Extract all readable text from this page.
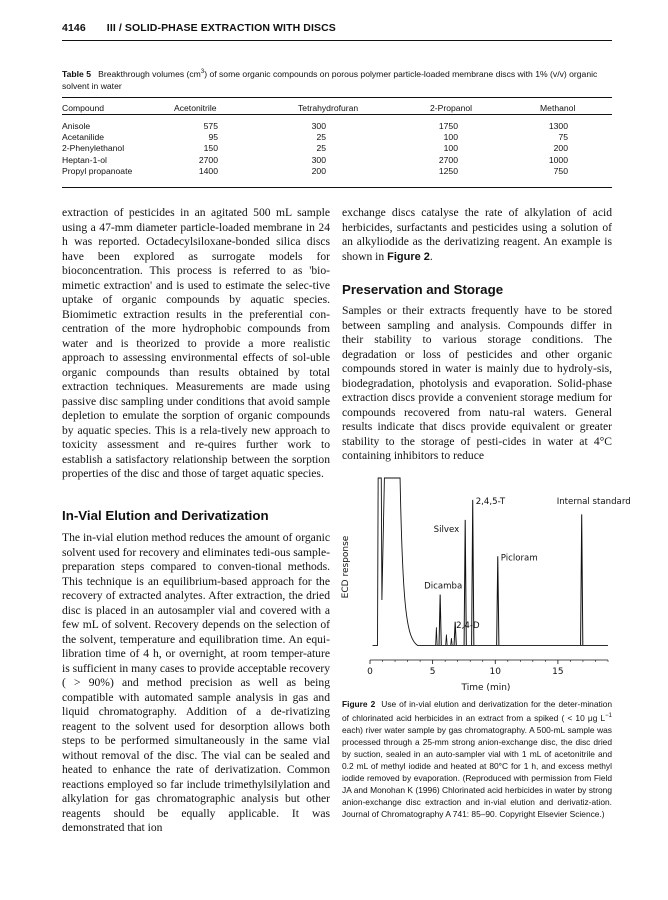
4146 III / SOLID-PHASE EXTRACTION WITH DISCS
Table 5 Breakthrough volumes $(cm^3)$ of some organic compounds on porous polymer particle-loaded membrane discs with 1% (v/v) organic solvent in water
Compound	Acetonitrile	Tetrahydrofuran	2-Propanol	Methanol

Anisole	575	300	1750	1300
Acetanilide	95	25	100	75
2-Phenylethanol	150	25	100	200
Heptan-1-ol	2700	300	2700	1000
Propyl propanoate	1400	200	1250	750

extraction of pesticides in an agitated 500 mL sample using a 47-mm diameter particle-loaded membrane in 24 h was reported. Octadecylsiloxane-bonded silica discs have been explored as surrogate models for bioconcentration. This process is referred to as 'bio-mimetic extraction' and is used to estimate the selec-tive uptake of organic compounds by aquatic species. Biomimetic extraction results in the preferential con-centration of the more hydrophobic compounds from water and is theorized to provide a more realistic approach to assessing environmental effects of sol-uble organic compounds than results obtained by total extraction techniques. Measurements are made using passive disc sampling under conditions that avoid sample depletion to emulate the sorption of organic compounds by aquatic species. This is a rela-tively new approach to toxicity assessment and re-quires further work to establish a satisfactory relationship between the sorption properties of the disc and those of target aquatic species.

In-Vial Elution and Derivatization

The in-vial elution method reduces the amount of organic solvent used for recovery and eliminates tedi-ous sample-preparation steps compared to conven-tional methods. This technique is an equilibrium-based approach for the recovery of extracted analytes. After extraction, the dried disc is placed in an autosampler vial and covered with a few mL of solvent. Recovery depends on the selection of the solvent, temperature and equilibration time. An equi-libration time of 4 h, or overnight, at room temper-ature is sufficient in many cases to provide acceptable recovery ( > 90%) and method precision as well as being compatible with automated sample analysis in gas and liquid chromatography. Addition of a de-rivatizing reagent to the solvent used for desorption allows both steps to be performed simultaneously in the same vial without removal of the disc. The vial can be sealed and heated to enhance the rate of derivatization. Common reactions employed so far include trimethylsilylation and alkylation for gas chromatographic analysis but other reagents should be equally applicable. It was demonstrated that ion

exchange discs catalyse the rate of alkylation of acid herbicides, surfactants and pesticides using a solution of an alkyliodide as the derivatizing reagent. An example is shown in Figure 2.

Preservation and Storage

Samples or their extracts frequently have to be stored between sampling and analysis. Compounds differ in their stability to various storage conditions. The degradation or loss of pesticides and other organic compounds stored in water is mainly due to hydroly-sis, biodegradation, photolysis and evaporation. Solid-phase extraction discs provide a convenient storage medium for compounds recovered from natu-ral waters. General results indicate that discs provide equivalent or greater stability to the storage of pesti-cides in water at 4°C containing inhibitors to reduce

ECD response
Time (min)
0	5	10	15
Dicamba
2,4-D
Silvex
2,4,5-T
Picloram
Internal standard
Figure 2 Use of in-vial elution and derivatization for the deter-mination of chlorinated acid herbicides in an extract from a spiked ( < 10 μg $L^{-1}$ each) river water sample by gas chromatography. A 500-mL sample was processed through a 25-mm strong anion-exchange disc, the disc dried by suction, sealed in an auto-sampler vial with 1 mL of acetonitrile and 0.2 mL of methyl iodide and heated at 80°C for 1 h, and excess methyl iodide removed by evaporation. (Reproduced with permission from Field JA and Monohan K (1996) Chlorinated acid herbicides in water by strong anion-exchange disc extraction and in-vial elution and derivatiz-ation. Journal of Chromatography A 741: 85–90. Copyright Elsevier Science.)
